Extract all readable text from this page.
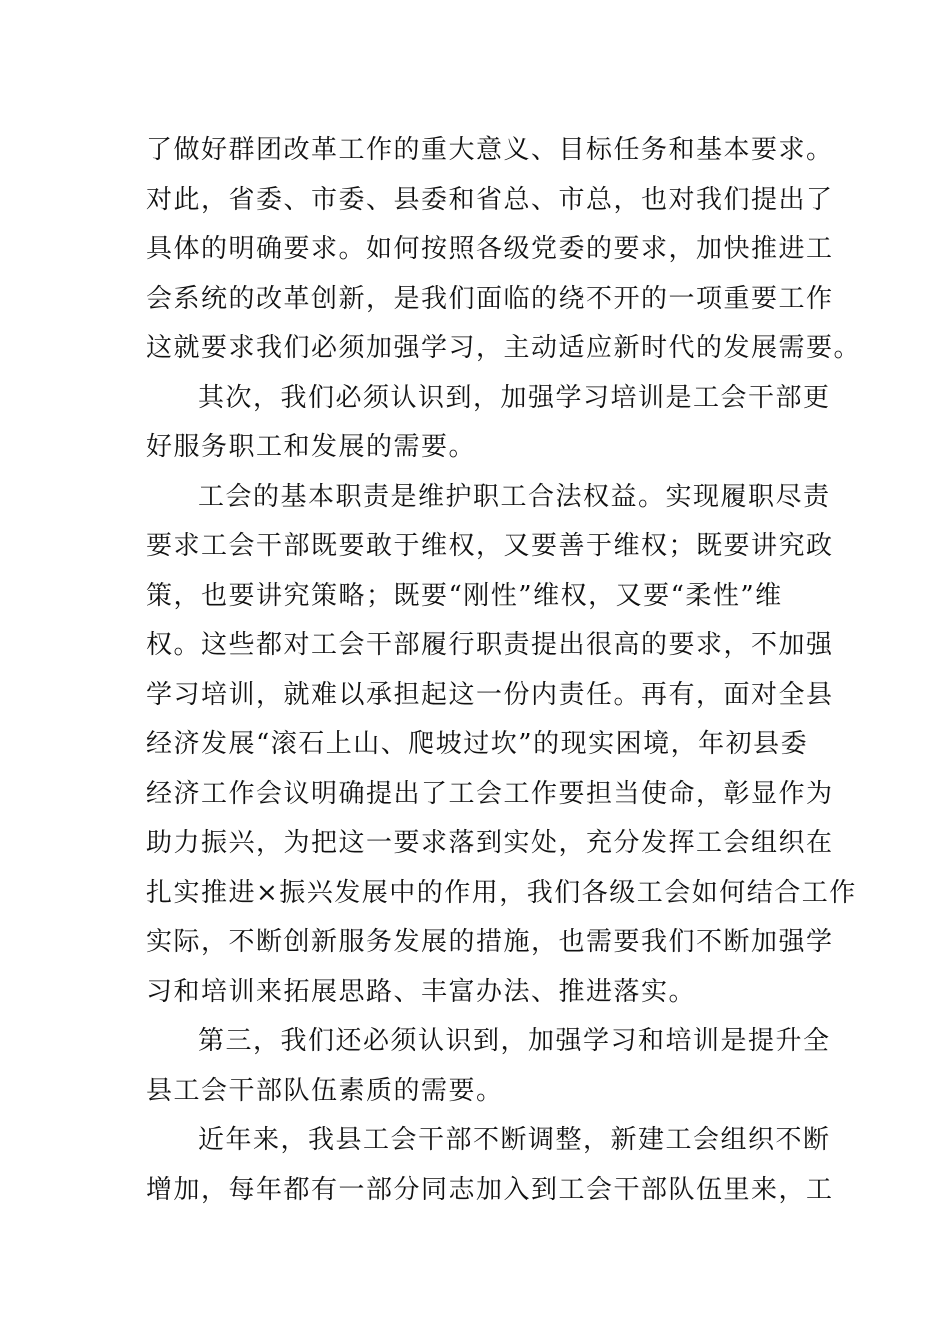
了做好群团改革工作的重大意义、目标任务和基本要求。
对此，省委、市委、县委和省总、市总，也对我们提出了
具体的明确要求。如何按照各级党委的要求，加快推进工
会系统的改革创新，是我们面临的绕不开的一项重要工作
这就要求我们必须加强学习，主动适应新时代的发展需要。
其次，我们必须认识到，加强学习培训是工会干部更
好服务职工和发展的需要。
工会的基本职责是维护职工合法权益。实现履职尽责
要求工会干部既要敢于维权，又要善于维权；既要讲究政
策，也要讲究策略；既要“刚性”维权，又要“柔性”维
权。这些都对工会干部履行职责提出很高的要求，不加强
学习培训，就难以承担起这一份内责任。再有，面对全县
经济发展“滚石上山、爬坡过坎”的现实困境，年初县委
经济工作会议明确提出了工会工作要担当使命，彰显作为
助力振兴，为把这一要求落到实处，充分发挥工会组织在
扎实推进×振兴发展中的作用，我们各级工会如何结合工作
实际，不断创新服务发展的措施，也需要我们不断加强学
习和培训来拓展思路、丰富办法、推进落实。
第三，我们还必须认识到，加强学习和培训是提升全
县工会干部队伍素质的需要。
近年来，我县工会干部不断调整，新建工会组织不断
增加，每年都有一部分同志加入到工会干部队伍里来，工
